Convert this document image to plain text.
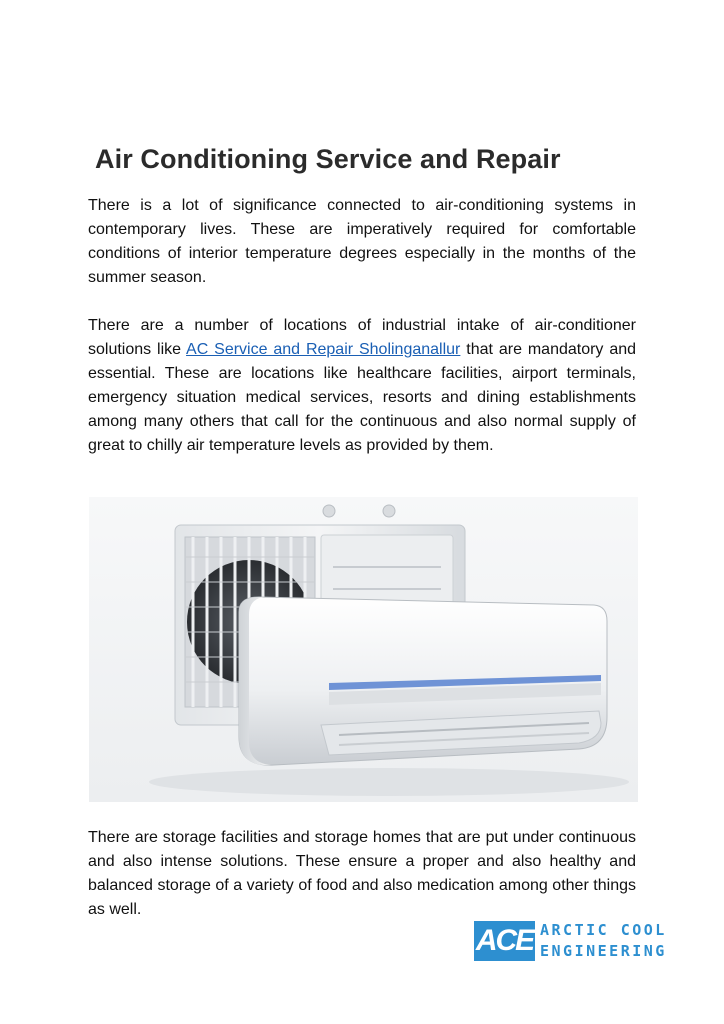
Air Conditioning Service and Repair

There is a lot of significance connected to air-conditioning systems in contemporary lives. These are imperatively required for comfortable conditions of interior temperature degrees especially in the months of the summer season.

There are a number of locations of industrial intake of air-conditioner solutions like AC Service and Repair Sholinganallur that are mandatory and essential. These are locations like healthcare facilities, airport terminals, emergency situation medical services, resorts and dining establishments among many others that call for the continuous and also normal supply of great to chilly air temperature levels as provided by them.

There are storage facilities and storage homes that are put under continuous and also intense solutions. These ensure a proper and also healthy and balanced storage of a variety of food and also medication among other things as well.

ACE ARCTIC COOL
ENGINEERING
